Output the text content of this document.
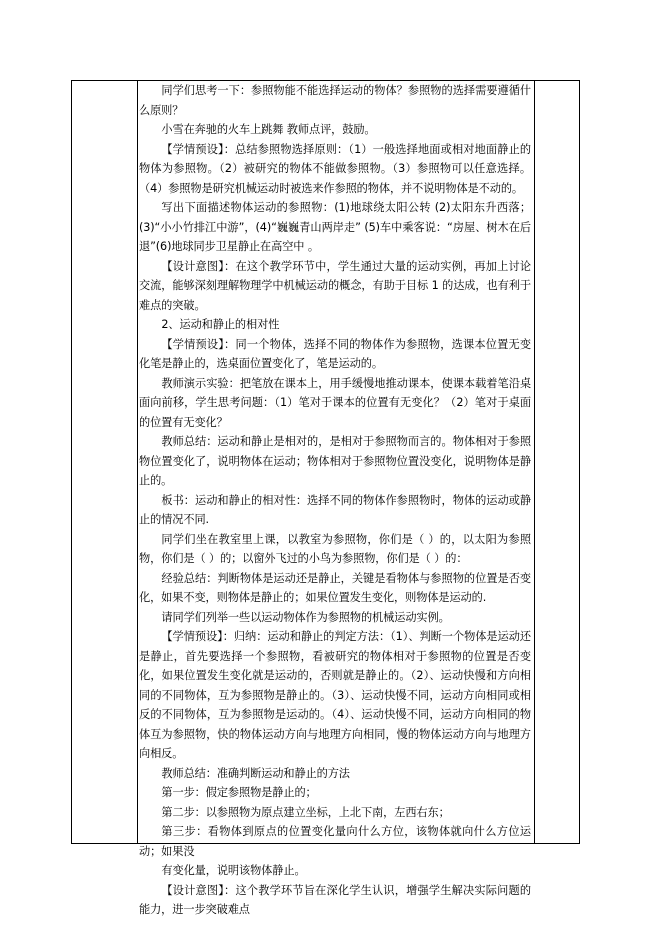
同学们思考一下：参照物能不能选择运动的物体？参照物的选择需要遵循什么原则？

小雪在奔驰的火车上跳舞 教师点评，鼓励。

【学情预设】：总结参照物选择原则：（1）一般选择地面或相对地面静止的物体为参照物。（2）被研究的物体不能做参照物。（3）参照物可以任意选择。（4）参照物是研究机械运动时被选来作参照的物体，并不说明物体是不动的。

写出下面描述物体运动的参照物：(1)地球绕太阳公转 (2)太阳东升西落；(3)“小小竹排江中游”，(4)“巍巍青山两岸走” (5)车中乘客说：“房屋、树木在后退”(6)地球同步卫星静止在高空中 。

【设计意图】：在这个教学环节中，学生通过大量的运动实例，再加上讨论交流，能够深刻理解物理学中机械运动的概念，有助于目标 1 的达成，也有利于难点的突破。

2、运动和静止的相对性

【学情预设】：同一个物体，选择不同的物体作为参照物，选课本位置无变化笔是静止的，选桌面位置变化了，笔是运动的。

教师演示实验：把笔放在课本上，用手缓慢地推动课本，使课本载着笔沿桌面向前移，学生思考问题：（1）笔对于课本的位置有无变化？（2）笔对于桌面的位置有无变化？

教师总结：运动和静止是相对的，是相对于参照物而言的。物体相对于参照物位置变化了，说明物体在运动；物体相对于参照物位置没变化，说明物体是静止的。

板书：运动和静止的相对性：选择不同的物体作参照物时，物体的运动或静止的情况不同.

同学们坐在教室里上课，以教室为参照物，你们是（ ）的，以太阳为参照物，你们是（ ）的；以窗外飞过的小鸟为参照物，你们是（ ）的：

经验总结：判断物体是运动还是静止，关键是看物体与参照物的位置是否变化，如果不变，则物体是静止的；如果位置发生变化，则物体是运动的.

请同学们列举一些以运动物体作为参照物的机械运动实例。

【学情预设】：归纳：运动和静止的判定方法：（1）、判断一个物体是运动还是静止，首先要选择一个参照物，看被研究的物体相对于参照物的位置是否变化，如果位置发生变化就是运动的，否则就是静止的。（2）、运动快慢和方向相同的不同物体，互为参照物是静止的。（3）、运动快慢不同，运动方向相同或相反的不同物体，互为参照物是运动的。（4）、运动快慢不同，运动方向相同的物体互为参照物，快的物体运动方向与地理方向相同，慢的物体运动方向与地理方向相反。

教师总结：准确判断运动和静止的方法

第一步：假定参照物是静止的；

第二步：以参照物为原点建立坐标，上北下南，左西右东；

第三步：看物体到原点的位置变化量向什么方位，该物体就向什么方位运动；如果没

有变化量，说明该物体静止。

【设计意图】：这个教学环节旨在深化学生认识，增强学生解决实际问题的能力，进一步突破难点
